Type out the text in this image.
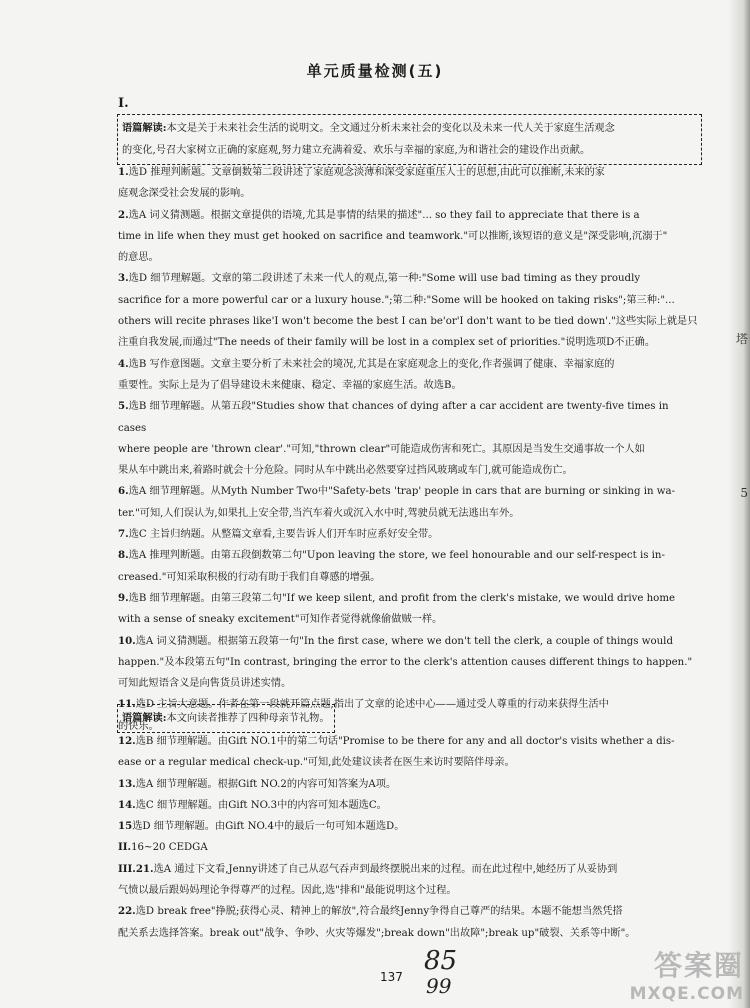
塔
5
单元质量检测(五)
I.
语篇解读:本文是关于未来社会生活的说明文。全文通过分析未来社会的变化以及未来一代人关于家庭生活观念
的变化,号召大家树立正确的家庭观,努力建立充满着爱、欢乐与幸福的家庭,为和谐社会的建设作出贡献。
1.选D 推理判断题。文章倒数第二段讲述了家庭观念淡薄和深受家庭重压人士的思想,由此可以推断,未来的家
庭观念深受社会发展的影响。
2.选A 词义猜测题。根据文章提供的语境,尤其是事情的结果的描述"... so they fail to appreciate that there is a
time in life when they must get hooked on sacrifice and teamwork."可以推断,该短语的意义是"深受影响,沉溺于"
的意思。
3.选D 细节理解题。文章的第二段讲述了未来一代人的观点,第一种:"Some will use bad timing as they proudly
sacrifice for a more powerful car or a luxury house.";第二种:"Some will be hooked on taking risks";第三种:"...
others will recite phrases like'I won't become the best I can be'or'I don't want to be tied down'."这些实际上就是只
注重自我发展,而通过"The needs of their family will be lost in a complex set of priorities."说明选项D不正确。
4.选B 写作意图题。文章主要分析了未来社会的境况,尤其是在家庭观念上的变化,作者强调了健康、幸福家庭的
重要性。实际上是为了倡导建设未来健康、稳定、幸福的家庭生活。故选B。
5.选B 细节理解题。从第五段"Studies show that chances of dying after a car accident are twenty-five times in cases
where people are 'thrown clear'."可知,"thrown clear"可能造成伤害和死亡。其原因是当发生交通事故一个人如
果从车中跳出来,着路时就会十分危险。同时从车中跳出必然要穿过挡风玻璃或车门,就可能造成伤亡。
6.选A 细节理解题。从Myth Number Two中"Safety-bets 'trap' people in cars that are burning or sinking in wa-
ter."可知,人们误认为,如果扎上安全带,当汽车着火或沉入水中时,驾驶员就无法逃出车外。
7.选C 主旨归纳题。从整篇文章看,主要告诉人们开车时应系好安全带。
8.选A 推理判断题。由第五段倒数第二句"Upon leaving the store, we feel honourable and our self-respect is in-
creased."可知采取积极的行动有助于我们自尊感的增强。
9.选B 细节理解题。由第三段第二句"If we keep silent, and profit from the clerk's mistake, we would drive home
with a sense of sneaky excitement"可知作者觉得就像偷做贼一样。
10.选A 词义猜测题。根据第五段第一句"In the first case, where we don't tell the clerk, a couple of things would
happen."及本段第五句"In contrast, bringing the error to the clerk's attention causes different things to happen."
可知此短语含义是向售货员讲述实情。
11.选D 主旨大意题。作者在第一段就开篇点题,指出了文章的论述中心——通过受人尊重的行动来获得生活中
的快乐。
语篇解读:本文向读者推荐了四种母亲节礼物。
12.选B 细节理解题。由Gift NO.1中的第二句话"Promise to be there for any and all doctor's visits whether a dis-
ease or a regular medical check-up."可知,此处建议读者在医生来访时要陪伴母亲。
13.选A 细节理解题。根据Gift NO.2的内容可知答案为A项。
14.选C 细节理解题。由Gift NO.3中的内容可知本题选C。
15选D 细节理解题。由Gift NO.4中的最后一句可知本题选D。
II.16~20 CEDGA
III.21.选A 通过下文看,Jenny讲述了自己从忍气吞声到最终摆脱出来的过程。而在此过程中,她经历了从妥协到
气愤以最后跟妈妈理论争得尊严的过程。因此,选"排和"最能说明这个过程。
22.选D break free"挣脱;获得心灵、精神上的解放",符合最终Jenny争得自己尊严的结果。本题不能想当然凭搭
配关系去选择答案。break out"战争、争吵、火灾等爆发";break down"出故障";break up"破裂、关系等中断"。
137
85
99
答案圈
MXQE.COM
